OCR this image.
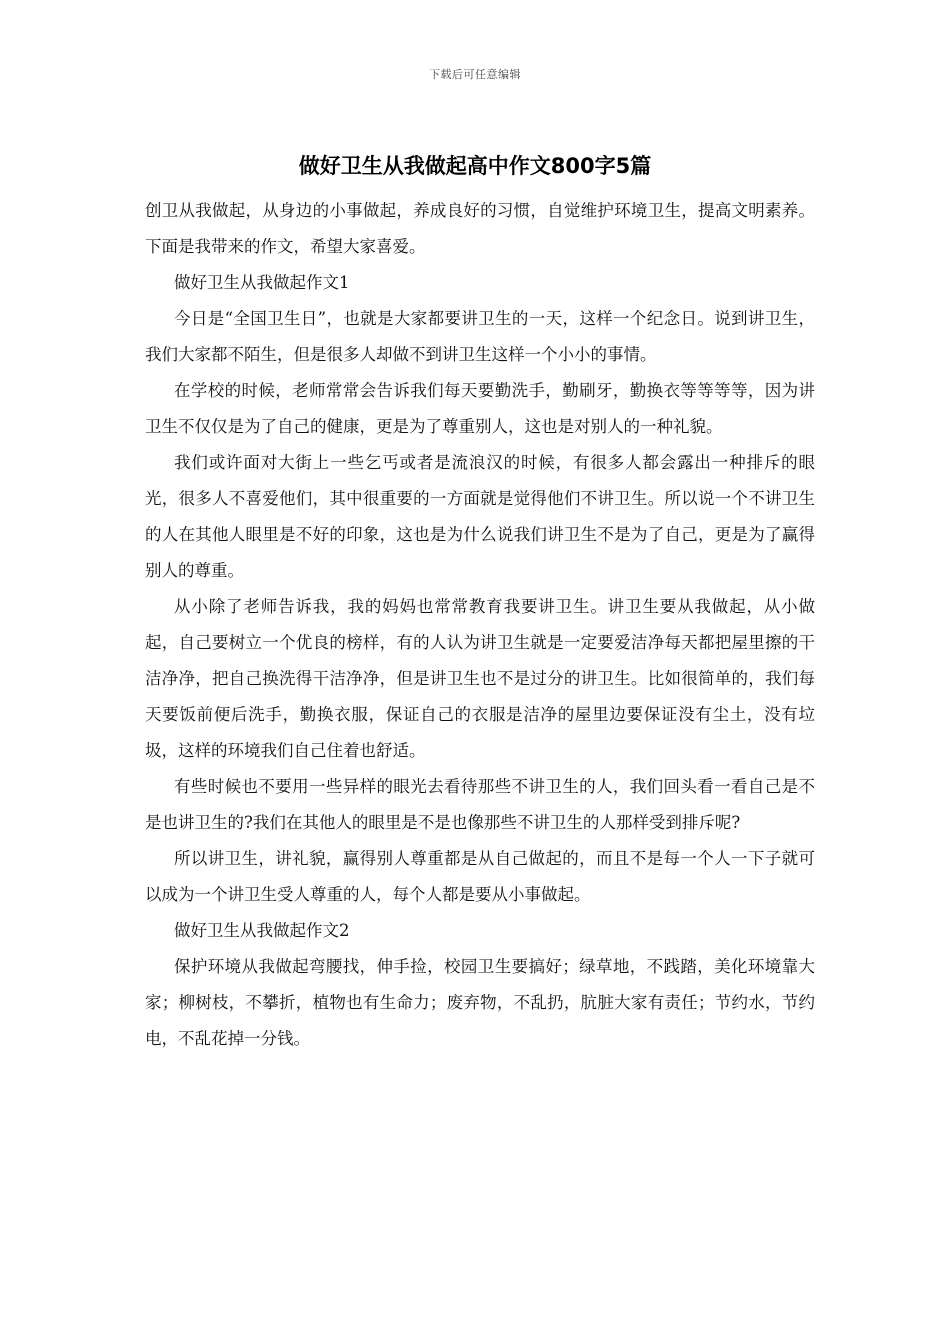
下载后可任意编辑
做好卫生从我做起高中作文800字5篇

创卫从我做起，从身边的小事做起，养成良好的习惯，自觉维护环境卫生，提高文明素养。下面是我带来的作文，希望大家喜爱。

做好卫生从我做起作文1

今日是“全国卫生日”，也就是大家都要讲卫生的一天，这样一个纪念日。说到讲卫生，我们大家都不陌生，但是很多人却做不到讲卫生这样一个小小的事情。

在学校的时候，老师常常会告诉我们每天要勤洗手，勤刷牙，勤换衣等等等等，因为讲卫生不仅仅是为了自己的健康，更是为了尊重别人，这也是对别人的一种礼貌。

我们或许面对大街上一些乞丐或者是流浪汉的时候，有很多人都会露出一种排斥的眼光，很多人不喜爱他们，其中很重要的一方面就是觉得他们不讲卫生。所以说一个不讲卫生的人在其他人眼里是不好的印象，这也是为什么说我们讲卫生不是为了自己，更是为了赢得别人的尊重。

从小除了老师告诉我，我的妈妈也常常教育我要讲卫生。讲卫生要从我做起，从小做起，自己要树立一个优良的榜样，有的人认为讲卫生就是一定要爱洁净每天都把屋里擦的干洁净净，把自己换洗得干洁净净，但是讲卫生也不是过分的讲卫生。比如很简单的，我们每天要饭前便后洗手，勤换衣服，保证自己的衣服是洁净的屋里边要保证没有尘土，没有垃圾，这样的环境我们自己住着也舒适。

有些时候也不要用一些异样的眼光去看待那些不讲卫生的人，我们回头看一看自己是不是也讲卫生的?我们在其他人的眼里是不是也像那些不讲卫生的人那样受到排斥呢?

所以讲卫生，讲礼貌，赢得别人尊重都是从自己做起的，而且不是每一个人一下子就可以成为一个讲卫生受人尊重的人，每个人都是要从小事做起。

做好卫生从我做起作文2

保护环境从我做起弯腰找，伸手捡，校园卫生要搞好；绿草地，不践踏，美化环境靠大家；柳树枝，不攀折，植物也有生命力；废弃物，不乱扔，肮脏大家有责任；节约水，节约电，不乱花掉一分钱。
